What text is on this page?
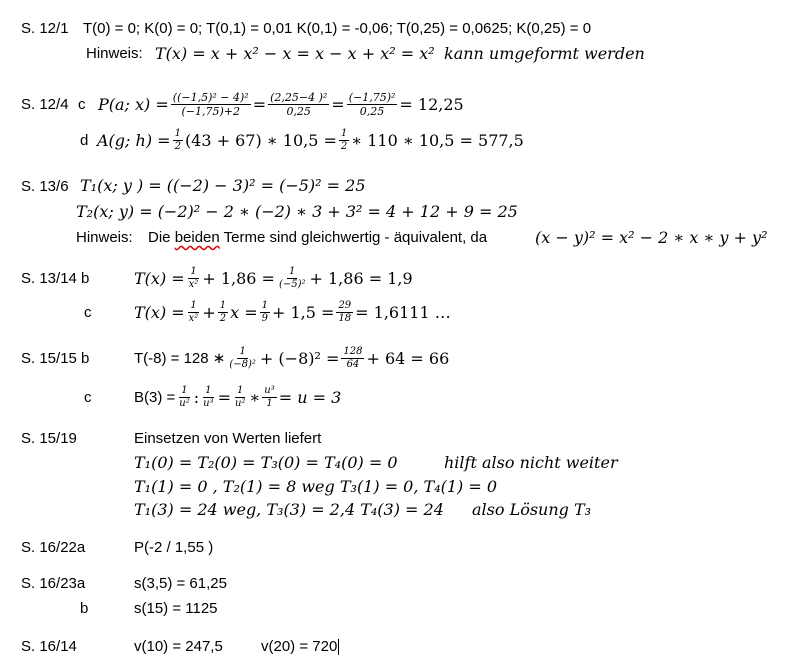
S. 12/1 T(0) = 0; K(0) = 0; T(0,1) = 0,01 K(0,1) = -0,06; T(0,25) = 0,0625; K(0,25) = 0
Hinweis: T(x) = x + x² − x = x − x + x² = x² kann umgeformt werden
S. 12/4 c P(a; $x) = \frac{\text{((−1,5)² − 4)²}}{(-1,75)+2} = \frac{\text{(2,25−4 )²}}{0,25} = \frac{\text{(−1,75)²}}{0,25} = 12,25$
d A(g; $h) = \frac{1}{2} (43 + 67)$ ∗ $10,5 = \frac{1}{2}$ ∗ 110 ∗ 10,5 = 577,5
S. 13/6 T₁(x; y ) = ((−2) − 3)² = (−5)² = 25
T₂(x; y) = (−2)² − 2 ∗ (−2) ∗ 3 + 3² = 4 + 12 + 9 = 25
Hinweis: Die beiden Terme sind gleichwertig - äquivalent, da	(x − y)² = x² − 2 ∗ x ∗ y + y²
S. 13/14 b	$T(x) = \frac{1}{\text{x²}} + 1,86 = \frac{1}{\text{(−5)²}} + 1,86 = 1,9$
c	$T(x) = \frac{1}{\text{x²}} + \frac{1}{2}$ $x = \frac{1}{9} + 1,5 = \frac{29}{18} = 1,6111$ …
S. 15/15 b	T(-8) = 128 ∗ $\frac{1}{\text{(−8)²}} + (-8)^2 = \frac{128}{64} + 64 = 66$
c	$B(3) = \frac{1}{\text{u²}}$ : $\frac{1}{\text{u³}} = \frac{1}{\text{u²}}$ ∗ $\frac{\text{u³}}{1} = u = 3$
S. 15/19	Einsetzen von Werten liefert
T₁(0) = T₂(0) = T₃(0) = T₄(0) = 0	hilft also nicht weiter
T₁(1) = 0 , T₂(1) = 8 weg T₃(1) = 0, T₄(1) = 0
T₁(3) = 24 weg, T₃(3) = 2,4 T₄(3) = 24 also Lösung T₃
S. 16/22a	P(-2 / 1,55 )
S. 16/23a	s(3,5) = 61,25
b	s(15) = 1125
S. 16/14	v(10) = 247,5	v(20) = 720
